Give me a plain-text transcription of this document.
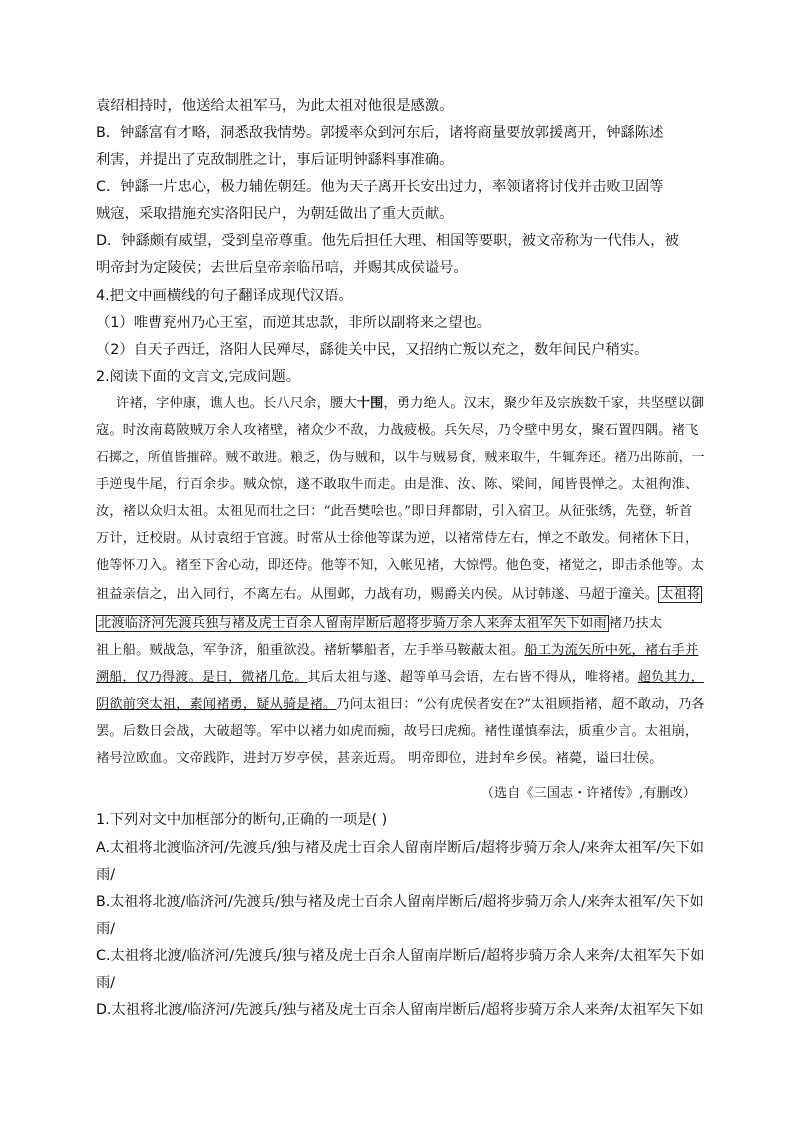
袁绍相持时，他送给太祖军马，为此太祖对他很是感激。
B．钟繇富有才略，洞悉敌我情势。郭援率众到河东后，诸将商量要放郭援离开，钟繇陈述
利害，并提出了克敌制胜之计，事后证明钟繇料事准确。
C．钟繇一片忠心，极力辅佐朝廷。他为天子离开长安出过力，率领诸将讨伐并击败卫固等
贼寇，采取措施充实洛阳民户，为朝廷做出了重大贡献。
D．钟繇颇有威望，受到皇帝尊重。他先后担任大理、相国等要职，被文帝称为一代伟人，被
明帝封为定陵侯；去世后皇帝亲临吊唁，并赐其成侯谥号。
4.把文中画横线的句子翻译成现代汉语。
（1）唯曹兖州乃心王室，而逆其忠款，非所以副将来之望也。
（2）自天子西迁，洛阳人民殚尽，繇徙关中民，又招纳亡叛以充之，数年间民户稍实。
2.阅读下面的文言文,完成问题。
许褚，字仲康，谯人也。长八尺余，腰大十围，勇力绝人。汉末，聚少年及宗族数千家，共坚壁以御
寇。时汝南葛陂贼万余人攻褚壁，褚众少不敌，力战疲极。兵矢尽，乃令壁中男女，聚石置四隅。褚飞
石掷之，所值皆摧碎。贼不敢进。粮乏，伪与贼和，以牛与贼易食，贼来取牛，牛辄奔还。褚乃出陈前，一
手逆曳牛尾，行百余步。贼众惊，遂不敢取牛而走。由是淮、汝、陈、梁间，闻皆畏惮之。太祖徇淮、
汝，褚以众归太祖。太祖见而壮之曰：“此吾樊哙也。”即日拜都尉，引入宿卫。从征张绣，先登，斩首
万计，迁校尉。从讨袁绍于官渡。时常从士徐他等谋为逆，以褚常侍左右，惮之不敢发。伺褚休下日，
他等怀刀入。褚至下舍心动，即还侍。他等不知，入帐见褚，大惊愕。他色变，褚觉之，即击杀他等。太
祖益亲信之，出入同行，不离左右。从围邺，力战有功，赐爵关内侯。从讨韩遂、马超于潼关。 太祖将
北渡临济河先渡兵独与褚及虎士百余人留南岸断后超将步骑万余人来奔太祖军矢下如雨 褚乃扶太
祖上船。贼战急，军争济，船重欲没。褚斩攀船者，左手举马鞍蔽太祖。船工为流矢所中死，褚右手并
溯船，仅乃得渡。是日，微褚几危。其后太祖与遂、超等单马会语，左右皆不得从，唯将褚。超负其力，
阴欲前突太祖，素闻褚勇，疑从骑是褚。乃问太祖曰：“公有虎侯者安在?”太祖顾指褚，超不敢动，乃各
罢。后数日会战，大破超等。军中以褚力如虎而痴，故号曰虎痴。褚性谨慎奉法，质重少言。太祖崩，
褚号泣欧血。文帝践阼，进封万岁亭侯，甚亲近焉。 明帝即位，进封牟乡侯。褚薨，谥曰壮侯。
（选自《三国志・许褚传》,有删改）
1.下列对文中加框部分的断句,正确的一项是( )
A.太祖将北渡临济河/先渡兵/独与褚及虎士百余人留南岸断后/超将步骑万余人/来奔太祖军/矢下如
雨/
B.太祖将北渡/临济河/先渡兵/独与褚及虎士百余人留南岸断后/超将步骑万余人/来奔太祖军/矢下如
雨/
C.太祖将北渡/临济河/先渡兵/独与褚及虎士百余人留南岸断后/超将步骑万余人来奔/太祖军矢下如
雨/
D.太祖将北渡/临济河/先渡兵/独与褚及虎士百余人留南岸断后/超将步骑万余人来奔/太祖军矢下如
